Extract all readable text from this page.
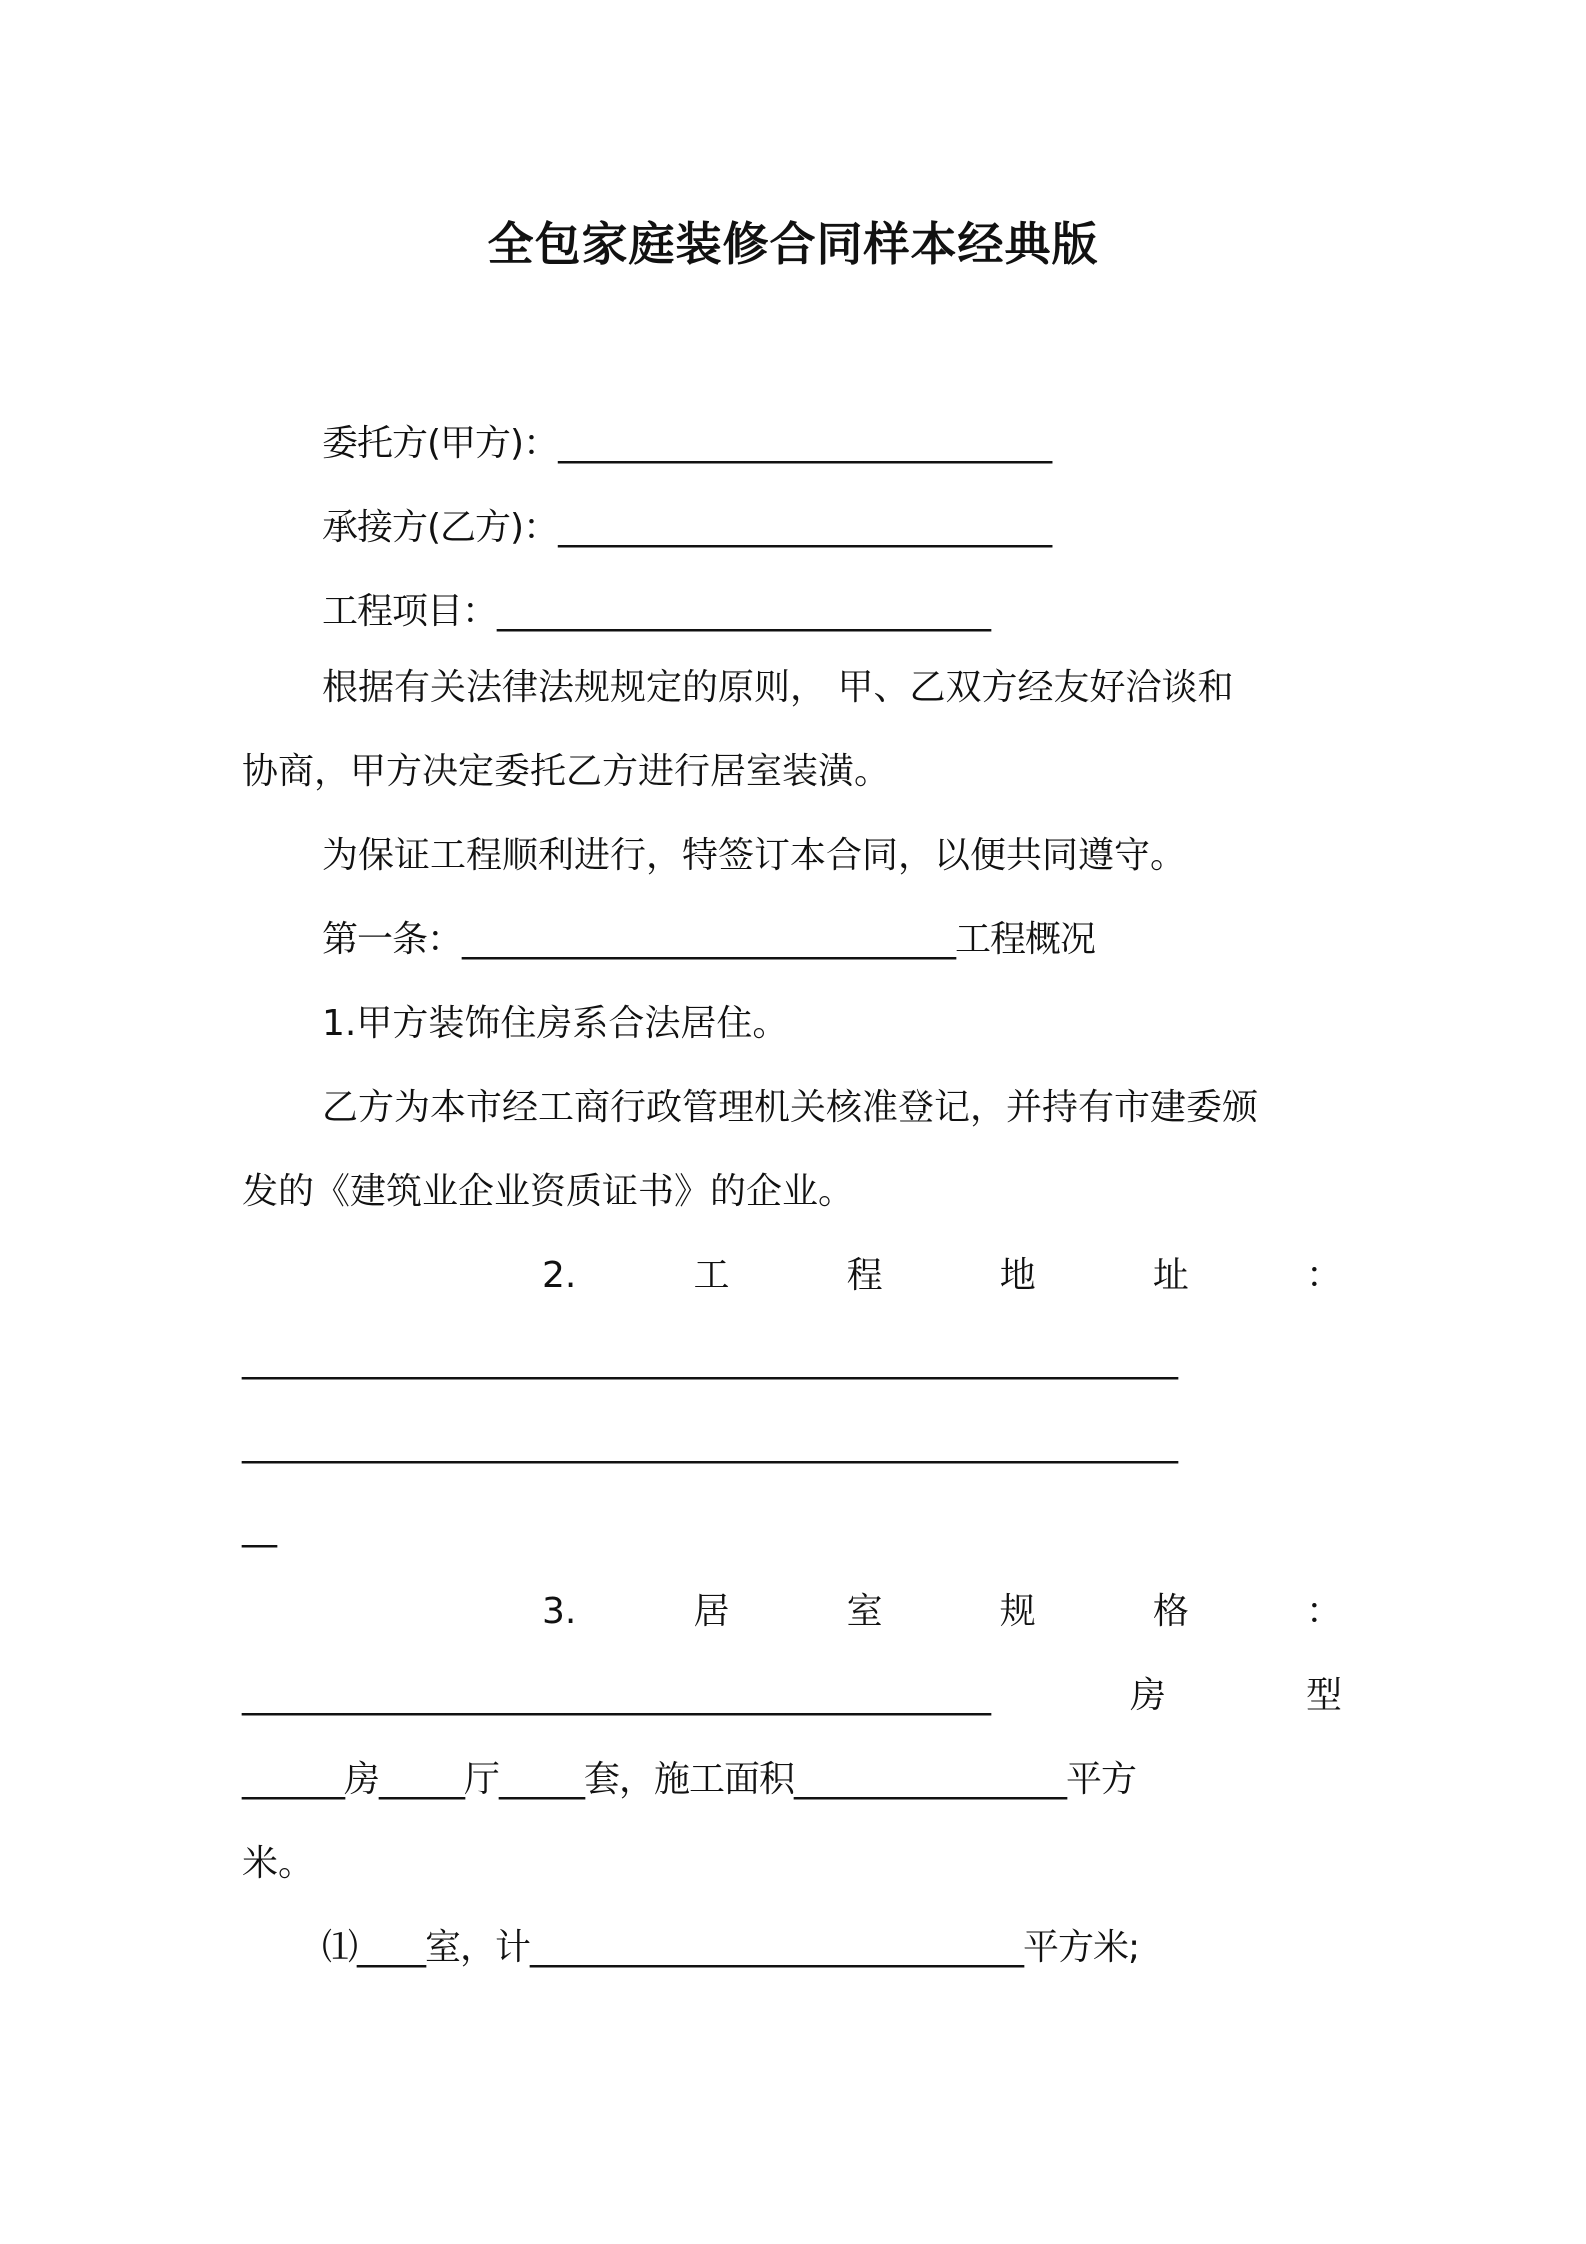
全包家庭装修合同样本经典版
委托方(甲方)：_____________________________
承接方(乙方)：_____________________________
工程项目：_____________________________
根据有关法律法规规定的原则， 甲、乙双方经友好洽谈和
协商，甲方决定委托乙方进行居室装潢。
为保证工程顺利进行，特签订本合同，以便共同遵守。
第一条：_____________________________工程概况
1.甲方装饰住房系合法居住。
乙方为本市经工商行政管理机关核准登记，并持有市建委颁
发的《建筑业企业资质证书》的企业。
2.	工	程	地	址	：
_______________________________________________________
_______________________________________________________
__
3.	居	室	规	格	：
____________________________________________	房	型
______房_____厅_____套，施工面积________________平方
米。
⑴____室，计_____________________________平方米;
